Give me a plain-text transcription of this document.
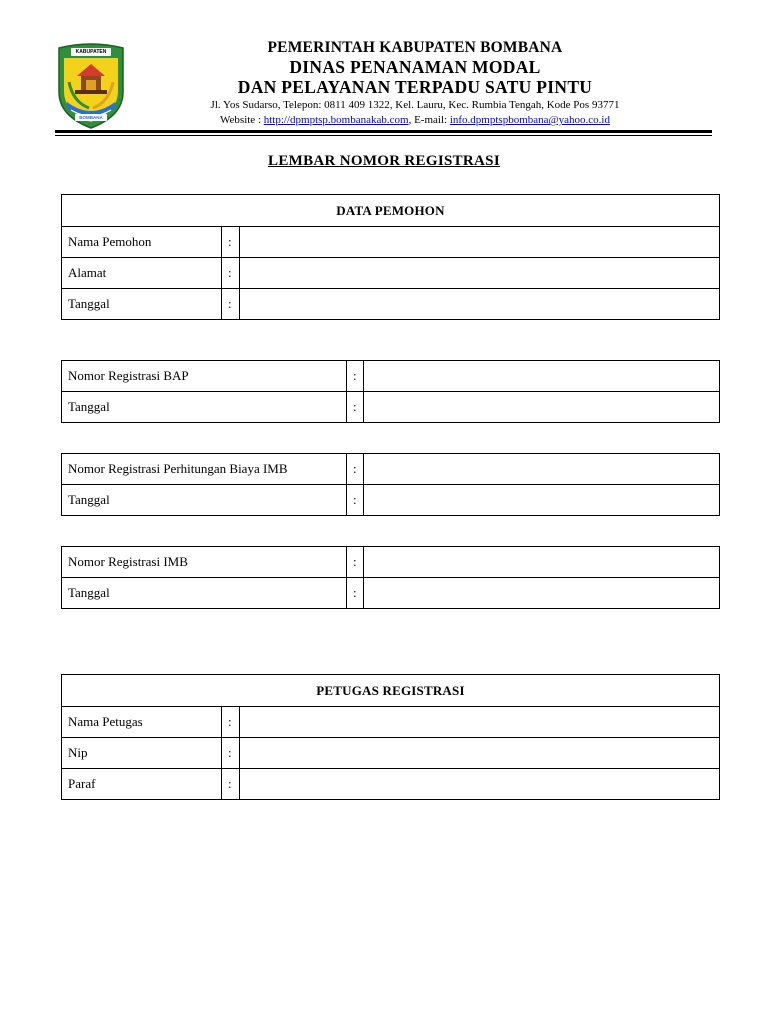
KABUPATEN
BOMBANA
PEMERINTAH KABUPATEN BOMBANA
DINAS PENANAMAN MODAL
DAN PELAYANAN TERPADU SATU PINTU
Jl. Yos Sudarso, Telepon: 0811 409 1322, Kel. Lauru, Kec. Rumbia Tengah, Kode Pos 93771
Website : http://dpmptsp.bombanakab.com, E-mail: info.dpmptspbombana@yahoo.co.id
LEMBAR NOMOR REGISTRASI
DATA PEMOHON		
Nama Pemohon	:	
Alamat	:	
Tanggal	:	
Nomor Registrasi BAP	:	
Tanggal	:	
Nomor Registrasi Perhitungan Biaya IMB	:	
Tanggal	:	
Nomor Registrasi IMB	:	
Tanggal	:	
PETUGAS REGISTRASI		
Nama Petugas	:	
Nip	:	
Paraf	:	
